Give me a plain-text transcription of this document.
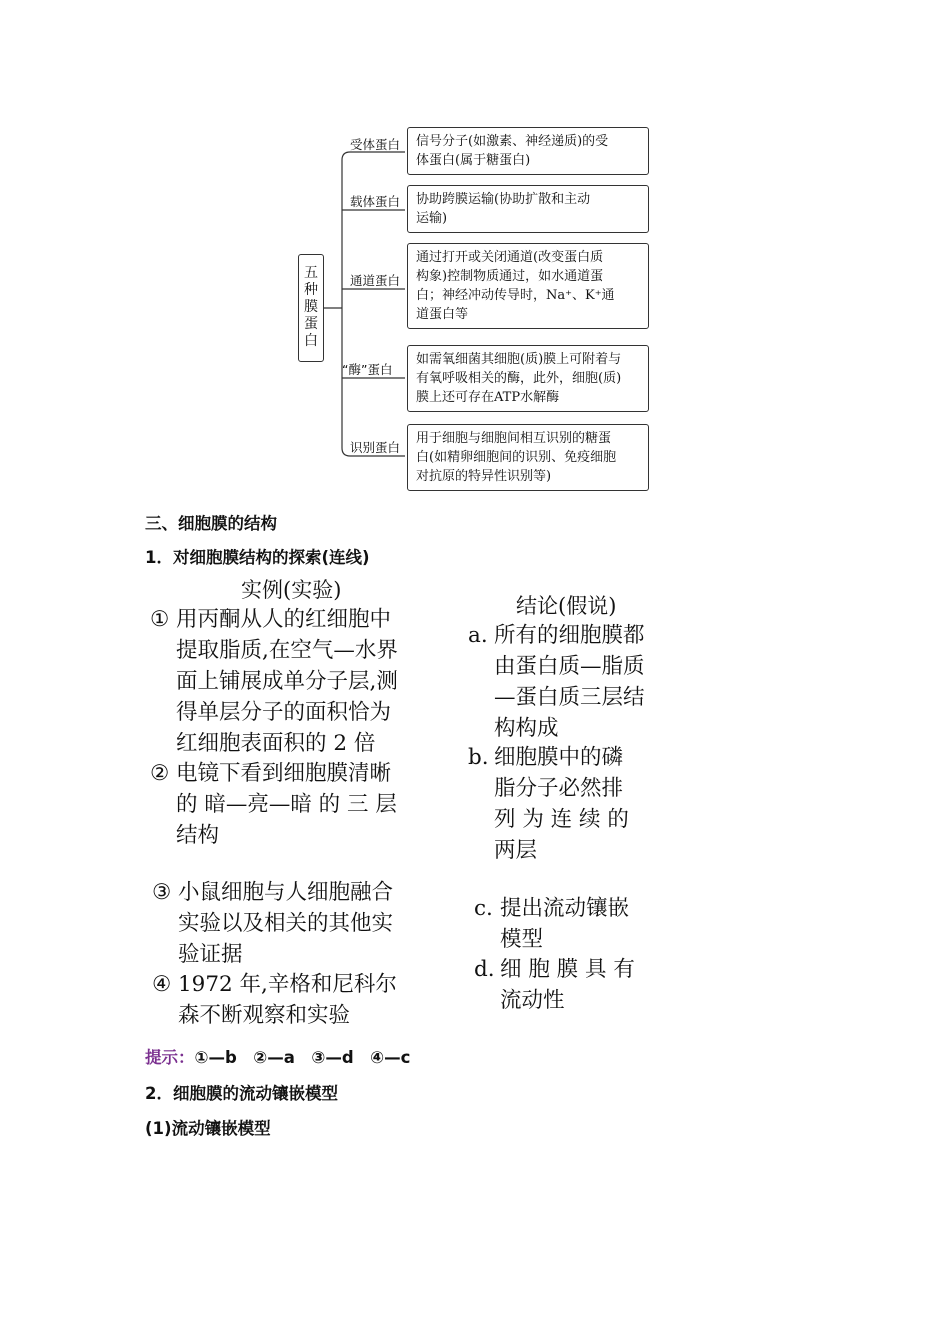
五
种
膜
蛋
白
受体蛋白 信号分子(如激素、神经递质)的受
体蛋白(属于糖蛋白)
载体蛋白 协助跨膜运输(协助扩散和主动
运输)
通道蛋白
通过打开或关闭通道(改变蛋白质
构象)控制物质通过，如水通道蛋
白；神经冲动传导时，Na⁺、K⁺通
道蛋白等
“酶”蛋白
如需氧细菌其细胞(质)膜上可附着与
有氧呼吸相关的酶，此外，细胞(质)
膜上还可存在ATP水解酶
识别蛋白
用于细胞与细胞间相互识别的糖蛋
白(如精卵细胞间的识别、免疫细胞
对抗原的特异性识别等)
三、细胞膜的结构
1．对细胞膜结构的探索(连线)
实例(实验)
① 用丙酮从人的红细胞中
提取脂质,在空气—水界
面上铺展成单分子层,测
得单层分子的面积恰为
红细胞表面积的 2 倍
② 电镜下看到细胞膜清晰
的 暗—亮—暗 的 三 层
结构
③ 小鼠细胞与人细胞融合
实验以及相关的其他实
验证据
④ 1972 年,辛格和尼科尔
森不断观察和实验
结论(假说)
a. 所有的细胞膜都
由蛋白质—脂质
—蛋白质三层结
构构成
b. 细胞膜中的磷
脂分子必然排
列 为 连 续 的
两层
c. 提出流动镶嵌
模型
d. 细 胞 膜 具 有
流动性
提示：①—b　②—a　③—d　④—c
2．细胞膜的流动镶嵌模型
(1)流动镶嵌模型
